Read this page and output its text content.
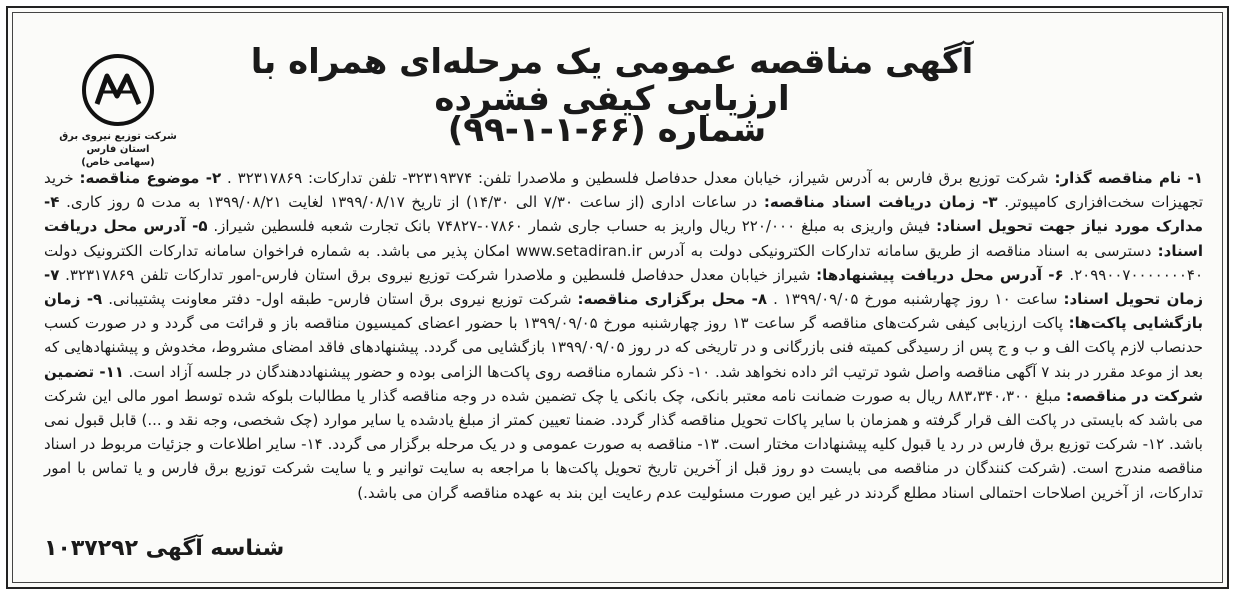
آگهی مناقصه عمومی یک مرحله‌ای همراه با ارزیابی کیفی فشرده
شماره (۶۶-۱-۱-۹۹)
شرکت توزیع نیروی برق استان فارس
(سهامی خاص)
۱- نام مناقصه گذار: شرکت توزیع برق فارس به آدرس شیراز، خیابان معدل حدفاصل فلسطین و ملاصدرا تلفن: ۳۲۳۱۹۳۷۴- تلفن تدارکات: ۳۲۳۱۷۸۶۹ . ۲- موضوع مناقصه: خرید تجهیزات سخت‌افزاری کامپیوتر. ۳- زمان دریافت اسناد مناقصه: در ساعات اداری (از ساعت ۷/۳۰ الی ۱۴/۳۰) از تاریخ ۱۳۹۹/۰۸/۱۷ لغایت ۱۳۹۹/۰۸/۲۱ به مدت ۵ روز کاری. ۴- مدارک مورد نیاز جهت تحویل اسناد: فیش واریزی به مبلغ ۲۲۰/۰۰۰ ریال واریز به حساب جاری شمار ۰۷۸۶۰-۷۴۸۲۷ بانک تجارت شعبه فلسطین شیراز. ۵- آدرس محل دریافت اسناد: دسترسی به اسناد مناقصه از طریق سامانه تدارکات الکترونیکی دولت به آدرس www.setadiran.ir امکان پذیر می باشد. به شماره فراخوان سامانه تدارکات الکترونیک دولت ۲۰۹۹۰۰۷۰۰۰۰۰۰۰۴۰. ۶- آدرس محل دریافت پیشنهادها: شیراز خیابان معدل حدفاصل فلسطین و ملاصدرا شرکت توزیع نیروی برق استان فارس-امور تدارکات تلفن ۳۲۳۱۷۸۶۹. ۷- زمان تحویل اسناد: ساعت ۱۰ روز چهارشنبه مورخ ۱۳۹۹/۰۹/۰۵ . ۸- محل برگزاری مناقصه: شرکت توزیع نیروی برق استان فارس- طبقه اول- دفتر معاونت پشتیبانی. ۹- زمان بازگشایی پاکت‌ها: پاکت ارزیابی کیفی شرکت‌های مناقصه گر ساعت ۱۳ روز چهارشنبه مورخ ۱۳۹۹/۰۹/۰۵ با حضور اعضای کمیسیون مناقصه باز و قرائت می گردد و در صورت کسب حدنصاب لازم پاکت الف و ب و ج پس از رسیدگی کمیته فنی بازرگانی و در تاریخی که در روز ۱۳۹۹/۰۹/۰۵ بازگشایی می گردد. پیشنهادهای فاقد امضای مشروط، مخدوش و پیشنهادهایی که بعد از موعد مقرر در بند ۷ آگهی مناقصه واصل شود ترتیب اثر داده نخواهد شد. ۱۰- ذکر شماره مناقصه روی پاکت‌ها الزامی بوده و حضور پیشنهاددهندگان در جلسه آزاد است. ۱۱- تضمین شرکت در مناقصه: مبلغ ۸۸۳،۳۴۰،۳۰۰ ریال به صورت ضمانت نامه معتبر بانکی، چک بانکی یا چک تضمین شده در وجه مناقصه گذار یا مطالبات بلوکه شده توسط امور مالی این شرکت می باشد که بایستی در پاکت الف قرار گرفته و همزمان با سایر پاکات تحویل مناقصه گذار گردد. ضمنا تعیین کمتر از مبلغ یادشده یا سایر موارد (چک شخصی، وجه نقد و ...) قابل قبول نمی باشد. ۱۲- شرکت توزیع برق فارس در رد یا قبول کلیه پیشنهادات مختار است. ۱۳- مناقصه به صورت عمومی و در یک مرحله برگزار می گردد. ۱۴- سایر اطلاعات و جزئیات مربوط در اسناد مناقصه مندرج است. (شرکت کنندگان در مناقصه می بایست دو روز قبل از آخرین تاریخ تحویل پاکت‌ها با مراجعه به سایت توانیر و یا سایت شرکت توزیع برق فارس و یا تماس با امور تدارکات، از آخرین اصلاحات احتمالی اسناد مطلع گردند در غیر این صورت مسئولیت عدم رعایت این بند به عهده مناقصه گران می باشد.)
شناسه آگهی ۱۰۳۷۲۹۲
